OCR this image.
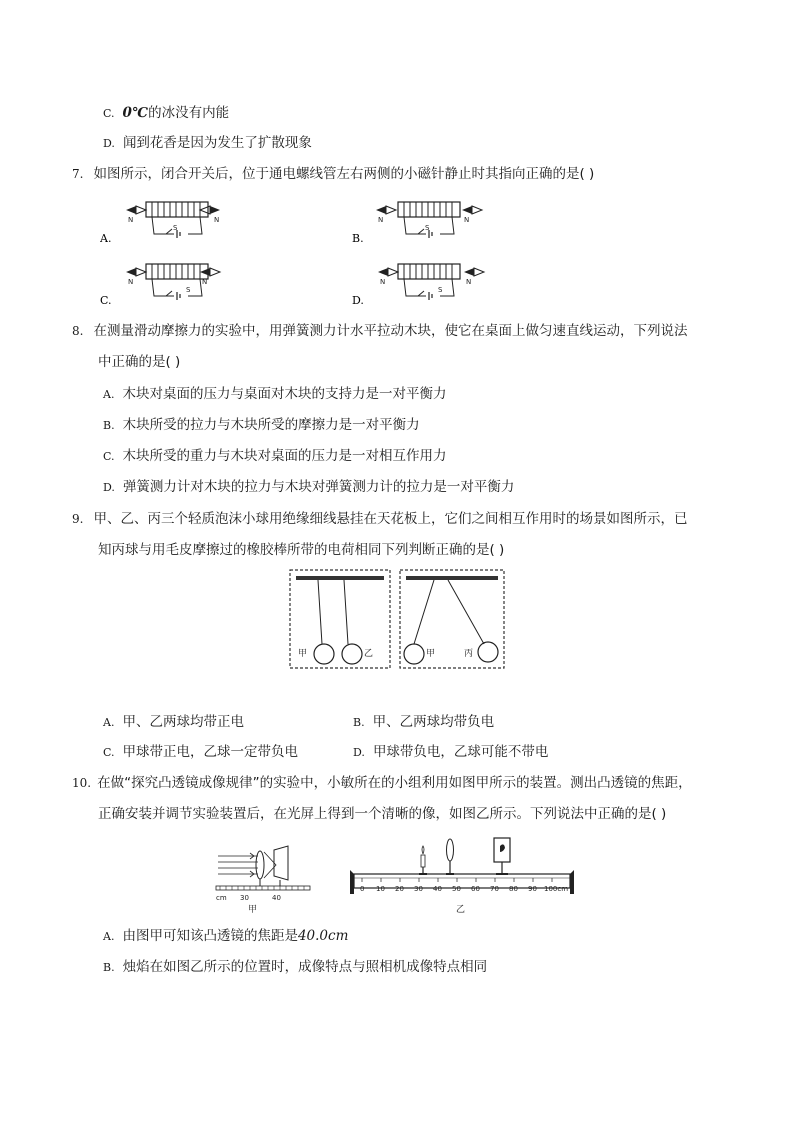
C. 0℃的冰没有内能
D. 闻到花香是因为发生了扩散现象
7. 如图所示，闭合开关后，位于通电螺线管左右两侧的小磁针静止时其指向正确的是( )
N	N
S
A.
N	N
S
B.
N	N
S
C.
N	N
S
D.
8. 在测量滑动摩擦力的实验中，用弹簧测力计水平拉动木块，使它在桌面上做匀速直线运动，下列说法
中正确的是( )
A. 木块对桌面的压力与桌面对木块的支持力是一对平衡力
B. 木块所受的拉力与木块所受的摩擦力是一对平衡力
C. 木块所受的重力与木块对桌面的压力是一对相互作用力
D. 弹簧测力计对木块的拉力与木块对弹簧测力计的拉力是一对平衡力
9. 甲、乙、丙三个轻质泡沫小球用绝缘细线悬挂在天花板上，它们之间相互作用时的场景如图所示，已
知丙球与用毛皮摩擦过的橡胶棒所带的电荷相同下列判断正确的是( )
甲	乙	甲	丙
A. 甲、乙两球均带正电	B. 甲、乙两球均带负电
C. 甲球带正电，乙球一定带负电	D. 甲球带负电，乙球可能不带电
10. 在做“探究凸透镜成像规律”的实验中，小敏所在的小组利用如图甲所示的装置。测出凸透镜的焦距，
正确安装并调节实验装置后，在光屏上得到一个清晰的像，如图乙所示。下列说法中正确的是( )
cm 30	40
甲
0 10 20 30 40 50 60 70 80 90 100cm
乙
A. 由图甲可知该凸透镜的焦距是40.0cm
B. 烛焰在如图乙所示的位置时，成像特点与照相机成像特点相同
